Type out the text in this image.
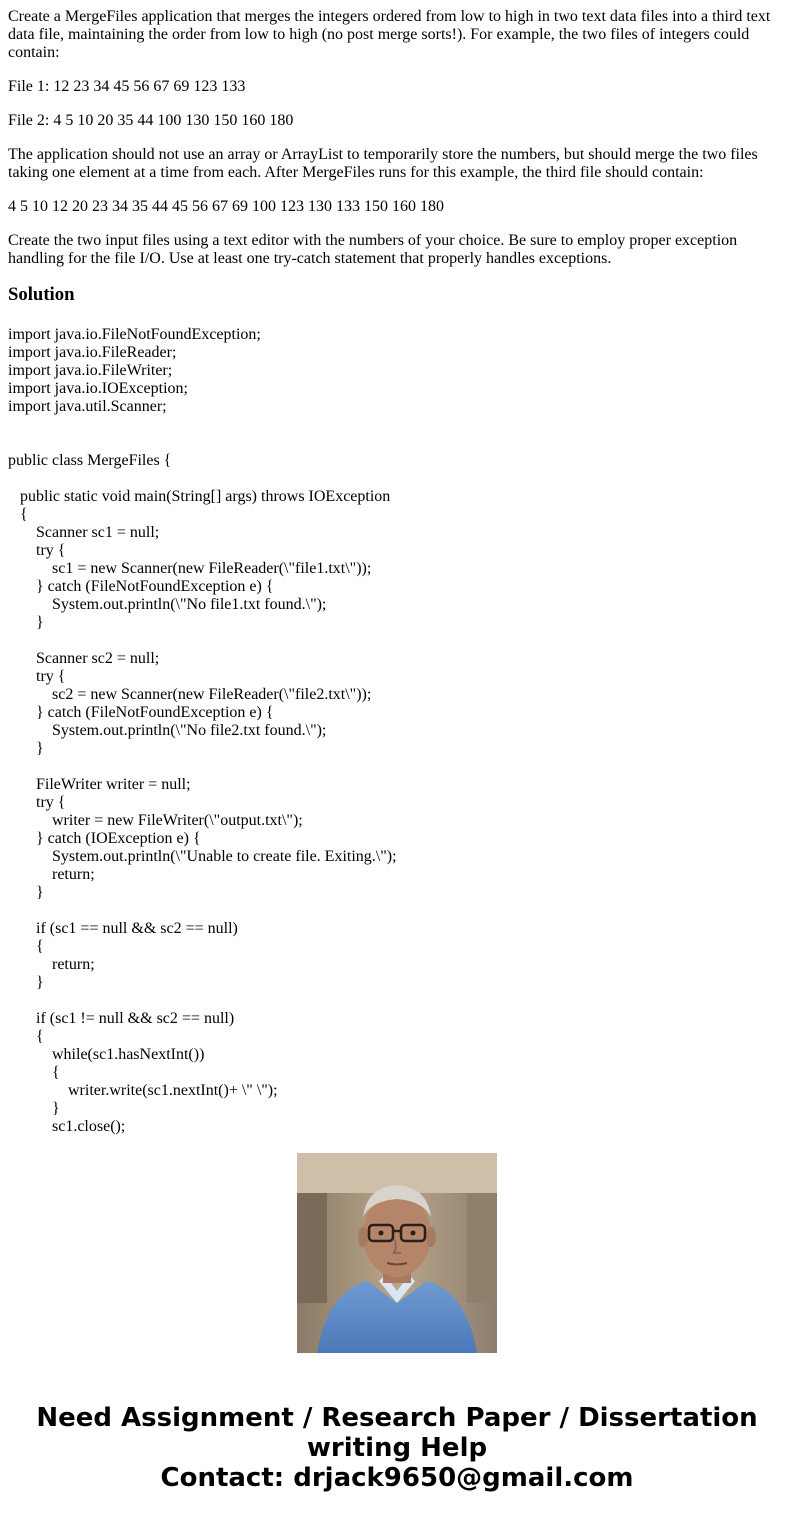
Create a MergeFiles application that merges the integers ordered from low to high in two text data files into a third text data file, maintaining the order from low to high (no post merge sorts!). For example, the two files of integers could contain:

File 1: 12 23 34 45 56 67 69 123 133

File 2: 4 5 10 20 35 44 100 130 150 160 180

The application should not use an array or ArrayList to temporarily store the numbers, but should merge the two files taking one element at a time from each. After MergeFiles runs for this example, the third file should contain:

4 5 10 12 20 23 34 35 44 45 56 67 69 100 123 130 133 150 160 180

Create the two input files using a text editor with the numbers of your choice. Be sure to employ proper exception handling for the file I/O. Use at least one try-catch statement that properly handles exceptions.

Solution
import java.io.FileNotFoundException;
import java.io.FileReader;
import java.io.FileWriter;
import java.io.IOException;
import java.util.Scanner;
public class MergeFiles {
public static void main(String[] args) throws IOException
{
Scanner sc1 = null;
try {
sc1 = new Scanner(new FileReader(\"file1.txt\"));
} catch (FileNotFoundException e) {
System.out.println(\"No file1.txt found.\");
}
Scanner sc2 = null;
try {
sc2 = new Scanner(new FileReader(\"file2.txt\"));
} catch (FileNotFoundException e) {
System.out.println(\"No file2.txt found.\");
}
FileWriter writer = null;
try {
writer = new FileWriter(\"output.txt\");
} catch (IOException e) {
System.out.println(\"Unable to create file. Exiting.\");
return;
}
if (sc1 == null && sc2 == null)
{
return;
}
if (sc1 != null && sc2 == null)
{
while(sc1.hasNextInt())
{
writer.write(sc1.nextInt()+ \" \");
}
sc1.close();
Need Assignment / Research Paper / Dissertation
writing Help
Contact: drjack9650@gmail.com
